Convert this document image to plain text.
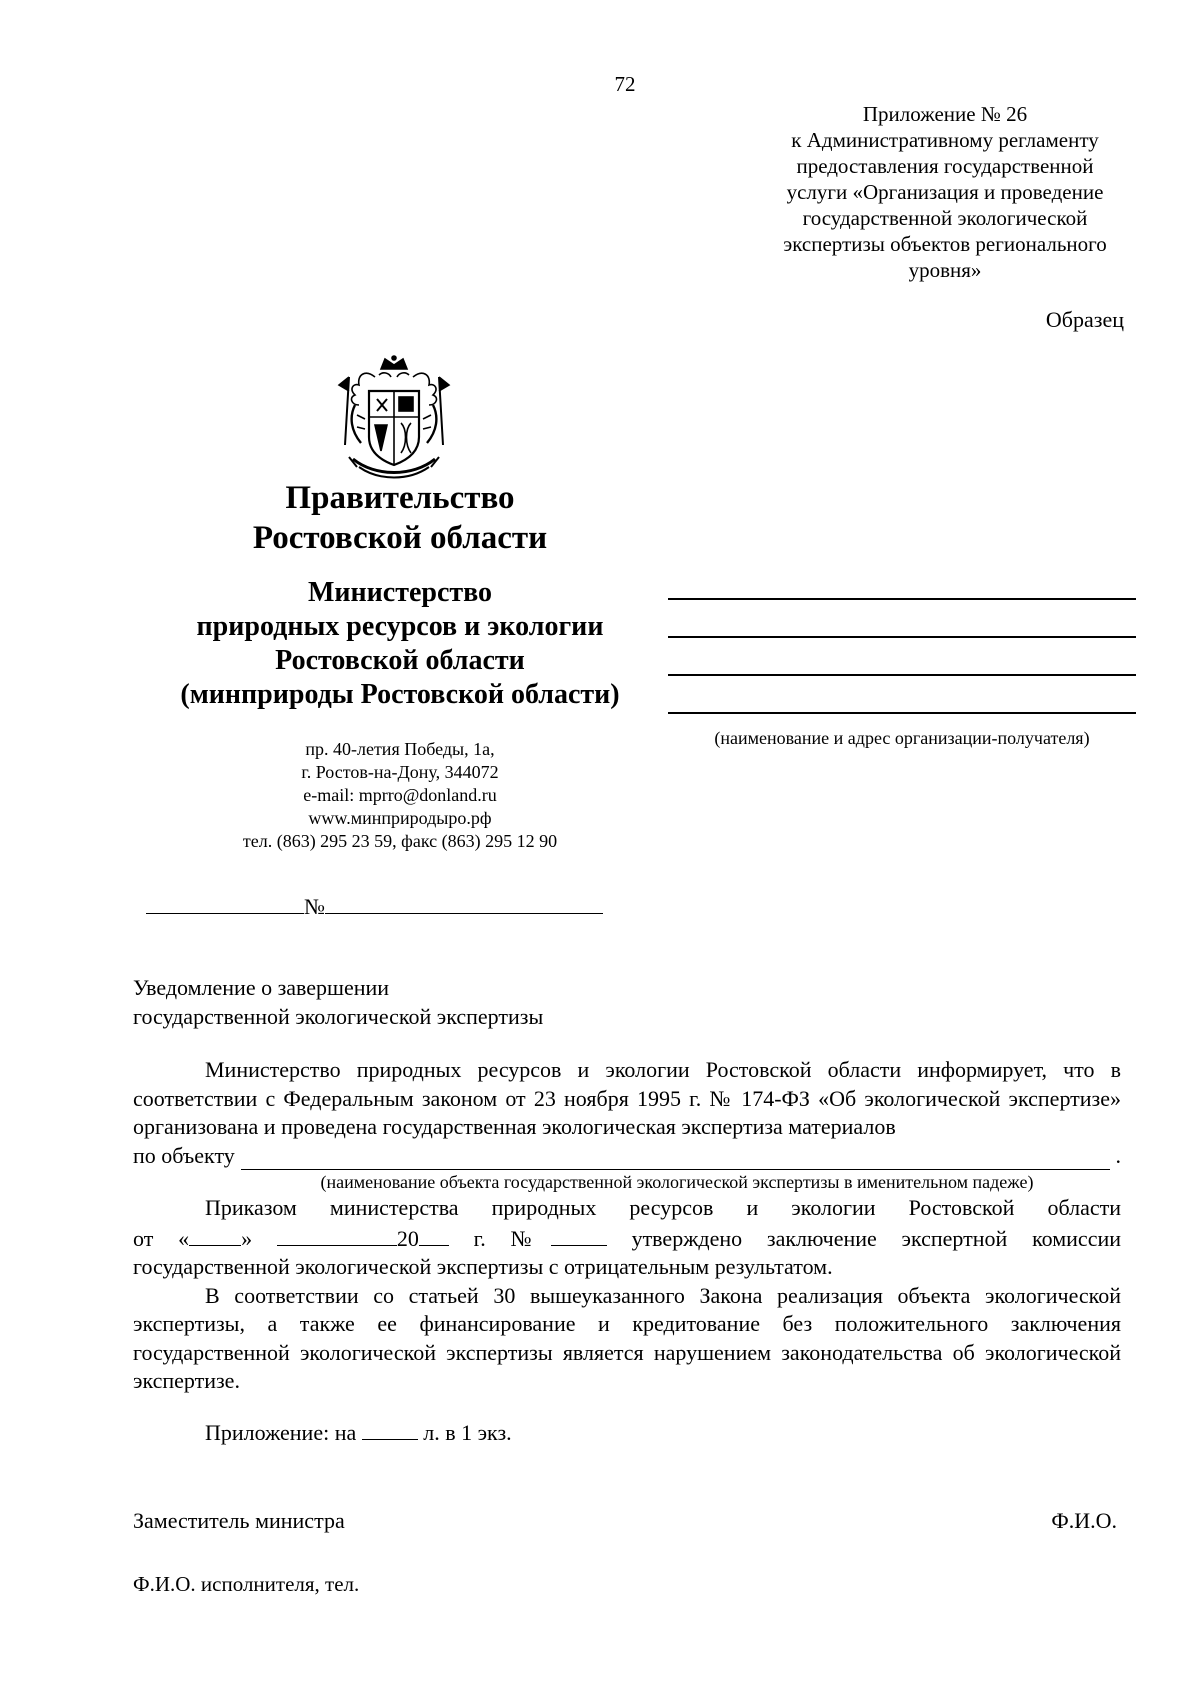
72
Приложение № 26
к Административному регламенту
предоставления государственной
услуги «Организация и проведение
государственной экологической
экспертизы объектов регионального
уровня»
Образец
Правительство
Ростовской области
Министерство
природных ресурсов и экологии
Ростовской области
(минприроды Ростовской области)
пр. 40-летия Победы, 1а,
г. Ростов-на-Дону, 344072
e-mail: mprro@donland.ru
www.минприродыро.рф
тел. (863) 295 23 59, факс (863) 295 12 90
(наименование и адрес организации-получателя)
№
Уведомление о завершении
государственной экологической экспертизы

Министерство природных ресурсов и экологии Ростовской области информирует, что в соответствии с Федеральным законом от 23 ноября 1995 г. № 174-ФЗ «Об экологической экспертизе» организована и проведена государственная экологическая экспертиза материалов

по объекту	.
(наименование объекта государственной экологической экспертизы в именительном падеже)

Приказом министерства природных ресурсов и экологии Ростовской области

от « »	20 г. №	утверждено заключение экспертной комиссии

государственной экологической экспертизы с отрицательным результатом.

В соответствии со статьей 30 вышеуказанного Закона реализация объекта экологической экспертизы, а также ее финансирование и кредитование без положительного заключения государственной экологической экспертизы является нарушением законодательства об экологической экспертизе.

Приложение: на	л. в 1 экз.
Заместитель министра	Ф.И.О.
Ф.И.О. исполнителя, тел.
